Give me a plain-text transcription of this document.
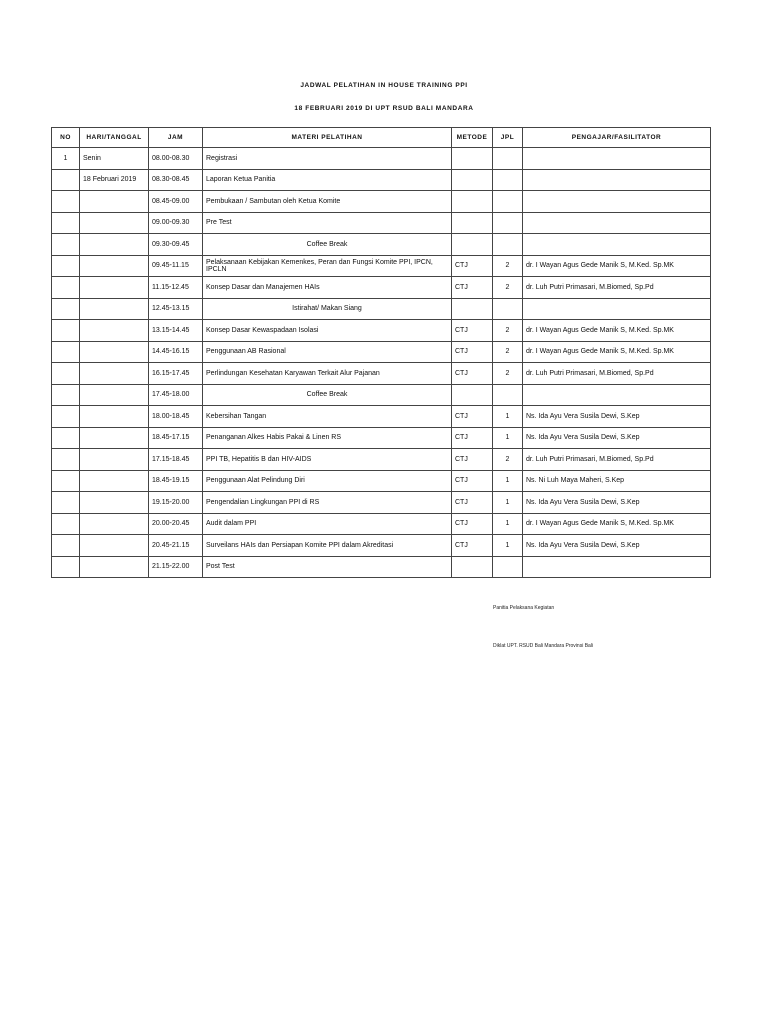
JADWAL PELATIHAN IN HOUSE TRAINING PPI
18 FEBRUARI 2019 DI UPT RSUD BALI MANDARA
NO	HARI/TANGGAL	JAM	MATERI PELATIHAN	METODE	JPL	PENGAJAR/FASILITATOR
1	Senin	08.00-08.30	Registrasi			
	18 Februari 2019	08.30-08.45	Laporan Ketua Panitia			
		08.45-09.00	Pembukaan / Sambutan oleh Ketua Komite			
		09.00-09.30	Pre Test			
		09.30-09.45	Coffee Break			
		09.45-11.15	Pelaksanaan Kebijakan Kemenkes, Peran dan Fungsi Komite PPI, IPCN, IPCLN	CTJ	2	dr. I Wayan Agus Gede Manik S, M.Ked. Sp.MK
		11.15-12.45	Konsep Dasar dan Manajemen HAIs	CTJ	2	dr. Luh Putri Primasari, M.Biomed, Sp.Pd
		12.45-13.15	Istirahat/ Makan Siang			
		13.15-14.45	Konsep Dasar Kewaspadaan Isolasi	CTJ	2	dr. I Wayan Agus Gede Manik S, M.Ked. Sp.MK
		14.45-16.15	Penggunaan AB Rasional	CTJ	2	dr. I Wayan Agus Gede Manik S, M.Ked. Sp.MK
		16.15-17.45	Perlindungan Kesehatan Karyawan Terkait Alur Pajanan	CTJ	2	dr. Luh Putri Primasari, M.Biomed, Sp.Pd
		17.45-18.00	Coffee Break			
		18.00-18.45	Kebersihan Tangan	CTJ	1	Ns. Ida Ayu Vera Susila Dewi, S.Kep
		18.45-17.15	Penanganan Alkes Habis Pakai & Linen RS	CTJ	1	Ns. Ida Ayu Vera Susila Dewi, S.Kep
		17.15-18.45	PPI TB, Hepatitis B dan HIV-AIDS	CTJ	2	dr. Luh Putri Primasari, M.Biomed, Sp.Pd
		18.45-19.15	Penggunaan Alat Pelindung Diri	CTJ	1	Ns. Ni Luh Maya Maheri, S.Kep
		19.15-20.00	Pengendalian Lingkungan PPI di RS	CTJ	1	Ns. Ida Ayu Vera Susila Dewi, S.Kep
		20.00-20.45	Audit dalam PPI	CTJ	1	dr. I Wayan Agus Gede Manik S, M.Ked. Sp.MK
		20.45-21.15	Surveilans HAIs dan Persiapan Komite PPI dalam Akreditasi	CTJ	1	Ns. Ida Ayu Vera Susila Dewi, S.Kep
		21.15-22.00	Post Test			
Panitia Pelaksana Kegiatan
Diklat UPT. RSUD Bali Mandara Provinsi Bali
